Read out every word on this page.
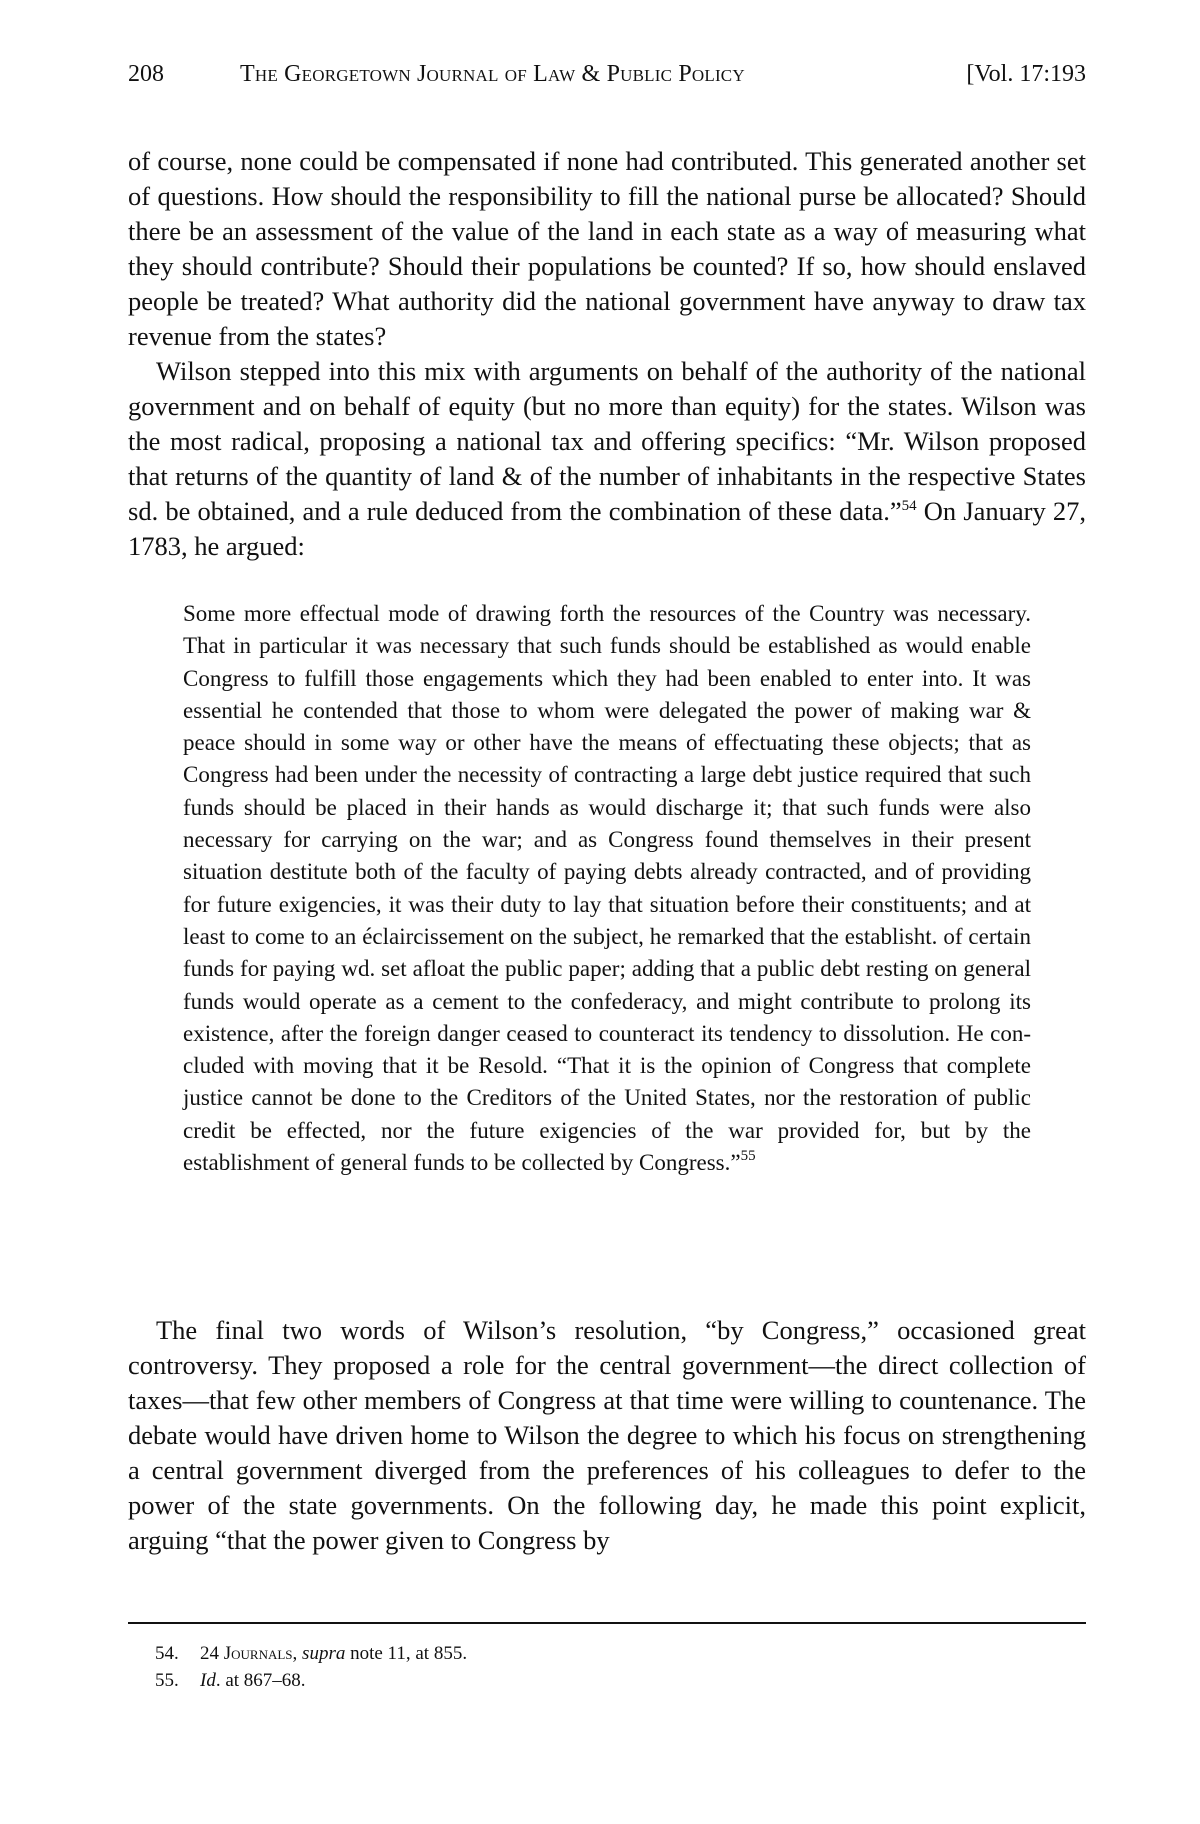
208	The Georgetown Journal of Law & Public Policy	[Vol. 17:193

of course, none could be compensated if none had contributed. This generated another set of questions. How should the responsibility to fill the national purse be allocated? Should there be an assessment of the value of the land in each state as a way of measuring what they should contribute? Should their populations be counted? If so, how should enslaved people be treated? What authority did the national government have anyway to draw tax revenue from the states?

Wilson stepped into this mix with arguments on behalf of the authority of the national government and on behalf of equity (but no more than equity) for the states. Wilson was the most radical, proposing a national tax and offering specifics: “Mr. Wilson proposed that returns of the quantity of land & of the number of inhabitants in the respective States sd. be obtained, and a rule deduced from the combination of these data.”$^{54}$ On January 27, 1783, he argued:

Some more effectual mode of drawing forth the resources of the Country was necessary. That in particular it was necessary that such funds should be established as would enable Congress to fulfill those engagements which they had been enabled to enter into. It was essential he contended that those to whom were delegated the power of making war & peace should in some way or other have the means of effectuating these objects; that as Congress had been under the necessity of contracting a large debt justice required that such funds should be placed in their hands as would discharge it; that such funds were also necessary for carrying on the war; and as Congress found themselves in their present situation destitute both of the faculty of paying debts already contracted, and of providing for future exigencies, it was their duty to lay that situation before their constituents; and at least to come to an éclaircissement on the subject, he remarked that the establisht. of certain funds for paying wd. set afloat the public paper; adding that a public debt resting on general funds would operate as a cement to the confederacy, and might contribute to prolong its existence, after the foreign danger ceased to counteract its tendency to dissolution. He concluded with moving that it be Resold. “That it is the opinion of Congress that complete justice cannot be done to the Creditors of the United States, nor the restoration of public credit be effected, nor the future exigencies of the war provided for, but by the establishment of general funds to be collected by Congress.”$^{55}$

The final two words of Wilson’s resolution, “by Congress,” occasioned great controversy. They proposed a role for the central government—the direct collection of taxes—that few other members of Congress at that time were willing to countenance. The debate would have driven home to Wilson the degree to which his focus on strengthening a central government diverged from the preferences of his colleagues to defer to the power of the state governments. On the following day, he made this point explicit, arguing “that the power given to Congress by

54. 24 Journals, supra note 11, at 855.
55. Id. at 867–68.
